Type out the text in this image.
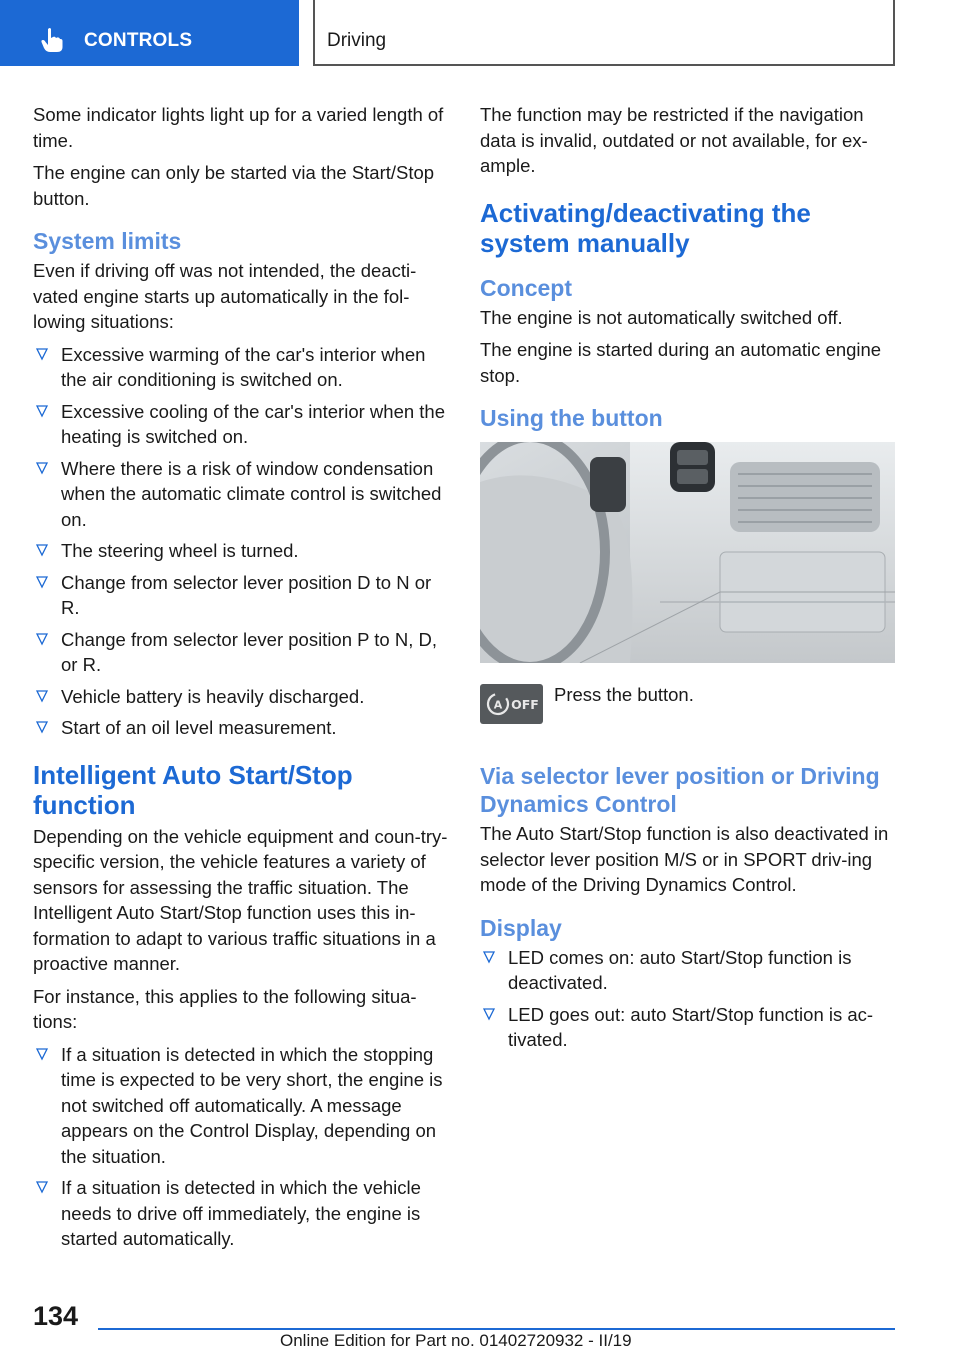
CONTROLS	Driving

Some indicator lights light up for a varied length of time.

The engine can only be started via the Start/Stop button.

System limits

Even if driving off was not intended, the deacti‐vated engine starts up automatically in the fol‐lowing situations:

Excessive warming of the car's interior when the air conditioning is switched on.
Excessive cooling of the car's interior when the heating is switched on.
Where there is a risk of window condensation when the automatic climate control is switched on.
The steering wheel is turned.
Change from selector lever position D to N or R.
Change from selector lever position P to N, D, or R.
Vehicle battery is heavily discharged.
Start of an oil level measurement.
Intelligent Auto Start/Stop function

Depending on the vehicle equipment and coun‐try-specific version, the vehicle features a variety of sensors for assessing the traffic situation. The Intelligent Auto Start/Stop function uses this in‐formation to adapt to various traffic situations in a proactive manner.

For instance, this applies to the following situa‐tions:

If a situation is detected in which the stopping time is expected to be very short, the engine is not switched off automatically. A message appears on the Control Display, depending on the situation.
If a situation is detected in which the vehicle needs to drive off immediately, the engine is started automatically.

The function may be restricted if the navigation data is invalid, outdated or not available, for ex‐ample.

Activating/deactivating the system manually
Concept

The engine is not automatically switched off.

The engine is started during an automatic engine stop.

Using the button
A OFF Press the button.
Via selector lever position or Driving Dynamics Control

The Auto Start/Stop function is also deactivated in selector lever position M/S or in SPORT driv‐ing mode of the Driving Dynamics Control.

Display
LED comes on: auto Start/Stop function is deactivated.
LED goes out: auto Start/Stop function is ac‐tivated.
134
Online Edition for Part no. 01402720932 - II/19
